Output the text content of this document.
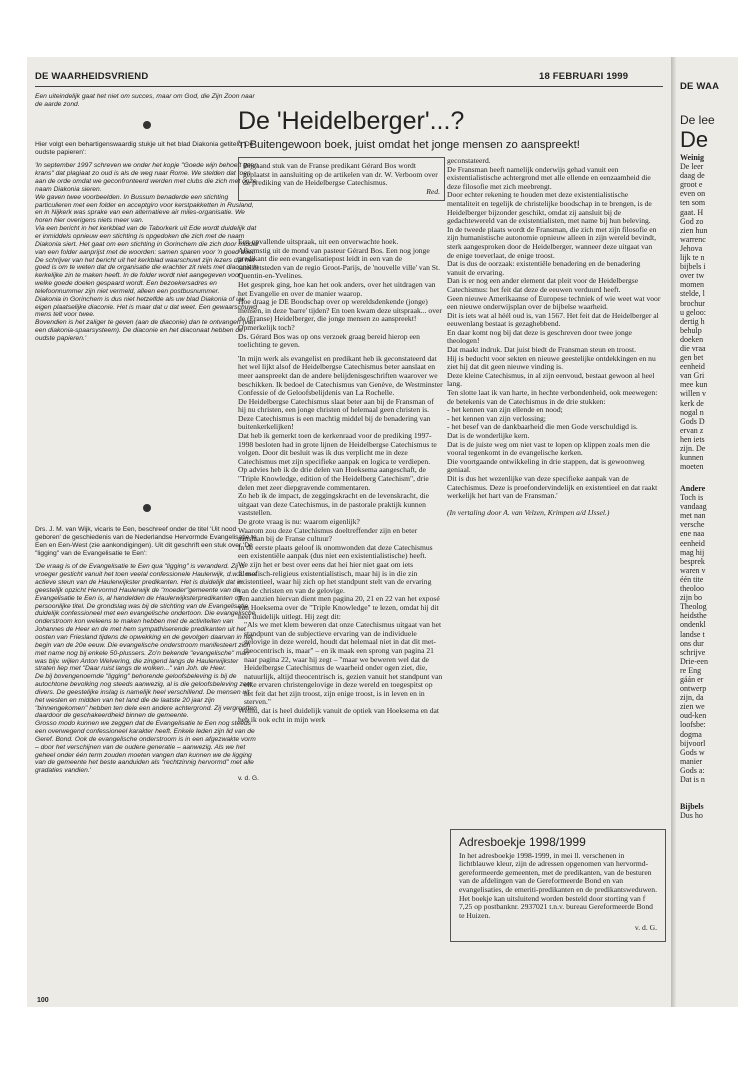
DE WAARHEIDSVRIEND	18 FEBRUARI 1999

Een uiteindelijk gaat het niet om succes, maar om God, die Zijn Zoon naar de aarde zond.

Hier volgt een behartigenswaardig stukje uit het blad Diakonia getiteld 'De oudste papieren':

'In september 1997 schreven we onder het kopje "Goede wijn behoeft geen krans" dat plagiaat zo oud is als de weg naar Rome. We stelden dat toen aan de orde omdat we geconfronteerd werden met clubs die zich met onze naam Diakonia sieren.

We gaven twee voorbeelden. In Bussum benaderde een stichting particulieren met een folder en acceptgiro voor kerstpakketten in Rusland, en in Nijkerk was sprake van een alternatieve air miles-organisatie. We horen hier overigens niets meer van.

Via een bericht in het kerkblad van de Taborkerk uit Ede wordt duidelijk dat er inmiddels opnieuw een stichting is opgedoken die zich met de naam Diakonia siert. Het gaat om een stichting in Gorinchem die zich door middel van een folder aanprijst met de woorden: samen sparen voor 'n goed doel.

De schrijver van het bericht uit het kerkblad waarschuwt zijn lezers dat het goed is om te weten dat de organisatie die erachter zit niets met diaconie in kerkelijke zin te maken heeft. In de folder wordt niet aangegeven voor welke goede doelen gespaard wordt. Een bezoekersadres en telefoonnummer zijn niet vermeld, alleen een postbusnummer.

Diakonia in Gorinchem is dus niet hetzelfde als uw blad Diakonia of uw eigen plaatselijke diaconie. Het is maar dat u dat weet. Een gewaarschuwd mens telt voor twee.

Bovendien is het zaliger te geven (aan de diaconie) dan te ontvangen (van een diakonia-spaarsysteem). De diaconie en het diaconaat hebben de oudste papieren.'

Drs. J. M. van Wijk, vicaris te Een, beschreef onder de titel 'Uit nood geboren' de geschiedenis van de Nederlandse Hervormde Evangelisatie te Een en Een-West (zie aankondigingen). Uit dit geschrift een stuk over 'De "ligging" van de Evangelisatie te Een':

'De vraag is of de Evangelisatie te Een qua "ligging" is veranderd. Zij is vroeger gesticht vanuit het toen veelal confessionele Haulerwijk, d.w.z. met actieve steun van de Haulerwijkster predikanten. Het is duidelijk dat in geestelijk opzicht Hervormd Haulerwijk de "moeder"gemeente van de Evangelisatie te Een is, al handelden de Haulerwijksterpredikanten op persoonlijke titel. De grondslag was bij de stichting van de Evangelisatie duidelijk confessioneel met een evangelische ondertoon. Die evangelische onderstroom kon weleens te maken hebben met de activiteiten van Johannes de Heer en de met hem sympathiserende predikanten uit het oosten van Friesland tijdens de opwekking en de gevolgen daarvan in het begin van de 20e eeuw. Die evangelische onderstroom manifesteert zich met name nog bij enkele 50-plussers. Zo'n bekende "evangelische" man was bijv. wijlen Anton Welvering, die zingend langs de Haulerwijkster straten liep met "Daar ruist langs de wolken..." van Joh. de Heer.

De bij bovengenoemde "ligging" behorende geloofsbeleving is bij de autochtone bevolking nog steeds aanwezig, al is die geloofsbeleving zeer divers. De geestelijke inslag is namelijk heel verschillend. De mensen uit het westen en midden van het land die de laatste 20 jaar zijn "binnengekomen" hebben ten dele een andere achtergrond. Zij vergrootten daardoor de geschakeerdheid binnen de gemeente.

Grosso modo kunnen we zeggen dat de Evangelisatie te Een nog steeds een overwegend confessioneel karakter heeft. Enkele leden zijn lid van de Geref. Bond. Ook de evangelische onderstroom is in een afgezwakte vorm – door het verschijnen van de oudere generatie – aanwezig. Als we het geheel onder één term zouden moeten vangen dan kunnen we de ligging van de gemeente het beste aanduiden als "rechtzinnig hervormd" met alle gradaties vandien.'

v. d. G.

De 'Heidelberger'...?
'n Buitengewoon boek, juist omdat het jonge mensen zo aanspreekt!

Bijgaand stuk van de Franse predikant Gérard Bos wordt geplaatst in aansluiting op de artikelen van dr. W. Verboom over de prediking van de Heidelbergse Catechismus.

Red.

Een opvallende uitspraak, uit een onverwachte hoek.

Afkomstig uit de mond van pasteur Gérard Bos. Een nog jonge predikant die een evangelisatiepost leidt in een van de satellietsteden van de regio Groot-Parijs, de 'nouvelle ville' van St. Quentin-en-Yvelines.

Het gesprek ging, hoe kan het ook anders, over het uitdragen van het Evangelie en over de manier waarop.

Hoe draag je DE Boodschap over op wereldsdenkende (jonge) mensen, in deze 'barre' tijden? En toen kwam deze uitspraak... over de (Franse) Heidelberger, die jonge mensen zo aanspreekt! Opmerkelijk toch?

Ds. Gérard Bos was op ons verzoek graag bereid hierop een toelichting te geven.

'In mijn werk als evangelist en predikant heb ik geconstateerd dat het wel lijkt alsof de Heidelbergse Catechismus beter aanslaat en meer aanspreekt dan de andere belijdenisgeschriften waarover we beschikken. Ik bedoel de Catechismus van Genève, de Westminster Confessie of de Geloofsbelijdenis van La Rochelle.

De Heidelbergse Catechismus slaat beter aan bij de Fransman of hij nu christen, een jonge christen of helemaal geen christen is.

Deze Catechismus is een machtig middel bij de benadering van buitenkerkelijken!

Dat heb ik gemerkt toen de kerkenraad voor de prediking 1997-1998 besloten had in grote lijnen de Heidelbergse Catechismus te volgen. Door dit besluit was ik dus verplicht me in deze Catechismus met zijn specifieke aanpak en logica te verdiepen.

Op advies heb ik de drie delen van Hoeksema aangeschaft, de "Triple Knowledge, edition of the Heidelberg Catechism", drie delen met zeer diepgravende commentaren.

Zo heb ik de impact, de zeggingskracht en de levenskracht, die uitgaat van deze Catechismus, in de pastorale praktijk kunnen vaststellen.

De grote vraag is nu: waarom eigenlijk?

Waarom zou deze Catechismus doeltreffender zijn en beter aanslaan bij de Franse cultuur?

In de eerste plaats geloof ik onomwonden dat deze Catechismus een existentiële aanpak (dus niet een existentialistische) heeft.

We zijn het er best over eens dat hei hier niet gaat om iets filosofisch-religieus existentialistisch, maar hij is in die zin existentieel, waar hij zich op het standpunt stelt van de ervaring van de christen en van de gelovige.

Ten aanzien hiervan dient men pagina 20, 21 en 22 van het exposé van Hoeksema over de "Triple Knowledge" te lezen, omdat hij dit heel duidelijk uitlegt. Hij zegt dit:

"Als we met klem beweren dat onze Catechismus uitgaat van het standpunt van de subjectieve ervaring van de individuele gelovige in deze wereld, houdt dat helemaal niet in dat dit met-theocentrisch is, maar" – en ik maak een sprong van pagina 21 naar pagina 22, waar hij zegt – "maar we beweren wel dat de Heidelbergse Catechismus de waarheid onder ogen ziet, die, natuurlijk, altijd theocentrisch is, gezien vanuit het standpunt van elke ervaren christengelovige in deze wereld en toegespitst op het feit dat het zijn troost, zijn enige troost, is in leven en in sterven."

Welnu, dat is heel duidelijk vanuit de optiek van Hoeksema en dat heb ik ook echt in mijn werk

geconstateerd.

De Fransman heeft namelijk onderwijs gehad vanuit een existentialistische achtergrond met alle ellende en eenzaamheid die deze filosofie met zich meebrengt.

Door echter rekening te houden met deze existentialistische mentaliteit en tegelijk de christelijke boodschap in te brengen, is de Heidelberger bijzonder geschikt, omdat zij aansluit bij de gedachtewereld van de existentialisten, met name bij hun beleving.

In de tweede plaats wordt de Fransman, die zich met zijn filosofie en zijn humanistische autonomie opnieuw alleen in zijn wereld bevindt, sterk aangesproken door de Heidelberger, wanneer deze uitgaat van de enige toeverlaat, de enige troost.

Dat is dus de oorzaak: existentiële benadering en de benadering vanuit de ervaring.

Dan is er nog een ander element dat pleit voor de Heidelbergse Catechismus: het feit dat deze de eeuwen verduurd heeft.

Geen nieuwe Amerikaanse of Europese techniek of wie weet wat voor een nieuwe onderwijsplan over de bijbelse waarheid.

Dit is iets wat al héél oud is, van 1567. Het feit dat de Heidelberger al eeuwenlang bestaat is gezaghebbend.

En daar komt nog bij dat deze is geschreven door twee jonge theologen!

Dat maakt indruk. Dat juist biedt de Fransman steun en troost.

Hij is beducht voor sekten en nieuwe geestelijke ontdekkingen en nu ziet hij dat dit geen nieuwe vinding is.

Deze kleine Catechismus, in al zijn eenvoud, bestaat gewoon al heel lang.

Ten slotte laat ik van harte, in hechte verbondenheid, ook meewegen: de betekenis van de Catechismus in de drie stukken:

- het kennen van zijn ellende en nood;

- het kennen van zijn verlossing;

- het besef van de dankbaarheid die men Gode verschuldigd is.

Dat is de wonderlijke kern.

Dat is de juiste weg om niet vast te lopen op klippen zoals men die vooral tegenkomt in de evangelische kerken.

Die voortgaande ontwikkeling in drie stappen, dat is gewoonweg geniaal.

Dit is dus het wezenlijke van deze specifieke aanpak van de Catechismus. Deze is proefondervindelijk en existentieel en dat raakt werkelijk het hart van de Fransman.'

(In vertaling door A. van Velzen, Krimpen a/d IJssel.)

Adresboekje 1998/1999

In het adresboekje 1998-1999, in mei ll. verschenen in lichtblauwe kleur, zijn de adressen opgenomen van hervormd-gereformeerde gemeenten, met de predikanten, van de besturen van de afdelingen van de Gereformeerde Bond en van evangelisaties, de emeriti-predikanten en de predikantsweduwen.

Het boekje kan uitsluitend worden besteld door storting van f 7,25 op postbanknr. 2937021 t.n.v. bureau Gereformeerde Bond te Huizen.

v. d. G.

100
DE WAA
De lee
De

Weinig

De leer

daag de

groot e

even on

ten som

gaat. H

God zo

zien hun

warrenc

Jehova

lijk te n

bijbels i

over tw

momen

stelde, l

brochur

u geloo:

dertig h

behulp

doeken

die vraa

gen bet

eenheid

van Gri

mee kun

willen v

kerk de

nogal n

Gods D

ervan z

hen iets

zijn. De

kunnen

moeten

Andere

Toch is

vandaag

met nan

versche

ene naa

eenheid

mag hij

besprek

waren v

één tite

theoloo

zijn bo

Theolog

heidsthe

ondenkl

landse t

ons dur

schrijve

Drie-een

re Eng

gáán er

ontwerp

zijn, da

zien we

oud-ken

loofsbe:

dogma

bijvoorl

Gods w

manier

Gods a:

Dat is n

Bijbels

Dus ho
